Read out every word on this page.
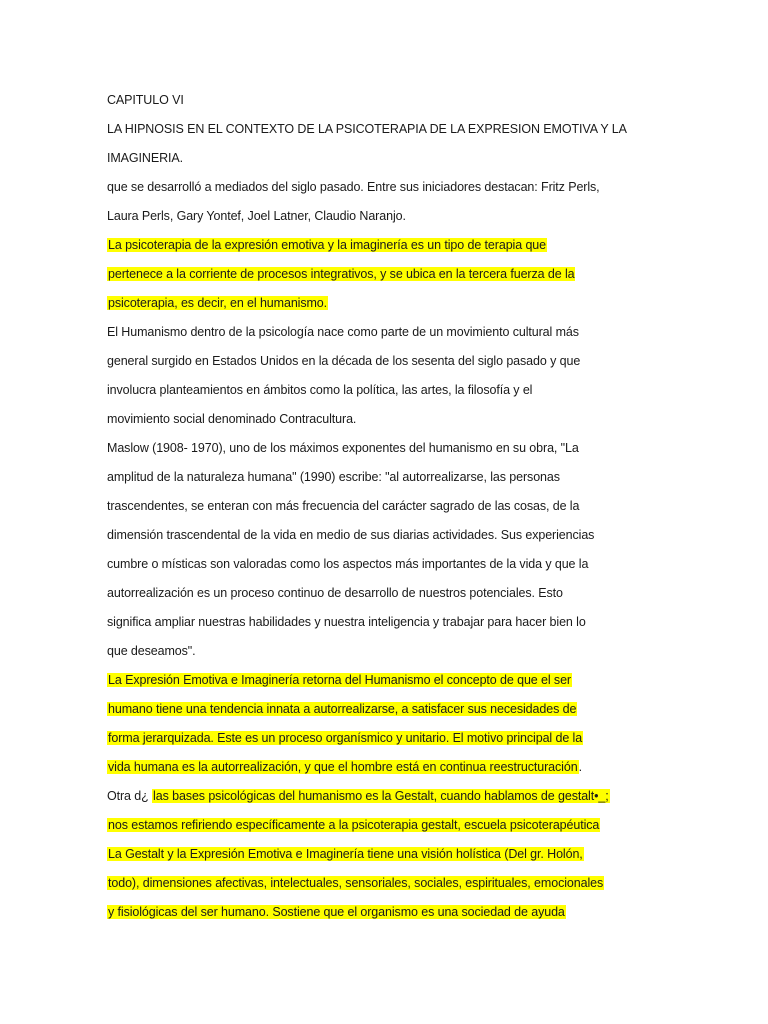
CAPITULO VI
LA HIPNOSIS EN EL CONTEXTO DE LA PSICOTERAPIA DE LA EXPRESION EMOTIVA Y LA
IMAGINERIA.
que se desarrolló a mediados del siglo pasado. Entre sus iniciadores destacan: Fritz Perls,
Laura Perls, Gary Yontef, Joel Latner, Claudio Naranjo.
La psicoterapia de la expresión emotiva y la imaginería es un tipo de terapia que
pertenece a la corriente de procesos integrativos, y se ubica en la tercera fuerza de la
psicoterapia, es decir, en el humanismo.
El Humanismo dentro de la psicología nace como parte de un movimiento cultural más
general surgido en Estados Unidos en la década de los sesenta del siglo pasado y que
involucra planteamientos en ámbitos como la política, las artes, la filosofía y el
movimiento social denominado Contracultura.
Maslow (1908- 1970), uno de los máximos exponentes del humanismo en su obra, "La
amplitud de la naturaleza humana" (1990) escribe: "al autorrealizarse, las personas
trascendentes, se enteran con más frecuencia del carácter sagrado de las cosas, de la
dimensión trascendental de la vida en medio de sus diarias actividades. Sus experiencias
cumbre o místicas son valoradas como los aspectos más importantes de la vida y que la
autorrealización es un proceso continuo de desarrollo de nuestros potenciales. Esto
significa ampliar nuestras habilidades y nuestra inteligencia y trabajar para hacer bien lo
que deseamos".
La Expresión Emotiva e Imaginería retorna del Humanismo el concepto de que el ser
humano tiene una tendencia innata a autorrealizarse, a satisfacer sus necesidades de
forma jerarquizada. Este es un proceso organísmico y unitario. El motivo principal de la
vida humana es la autorrealización, y que el hombre está en continua reestructuración.
Otra d¿ las bases psicológicas del humanismo es la Gestalt, cuando hablamos de gestalt•_;
nos estamos refiriendo específicamente a la psicoterapia gestalt, escuela psicoterapéutica
La Gestalt y la Expresión Emotiva e Imaginería tiene una visión holística (Del gr. Holón,
todo), dimensiones afectivas, intelectuales, sensoriales, sociales, espirituales, emocionales
y fisiológicas del ser humano. Sostiene que el organismo es una sociedad de ayuda
